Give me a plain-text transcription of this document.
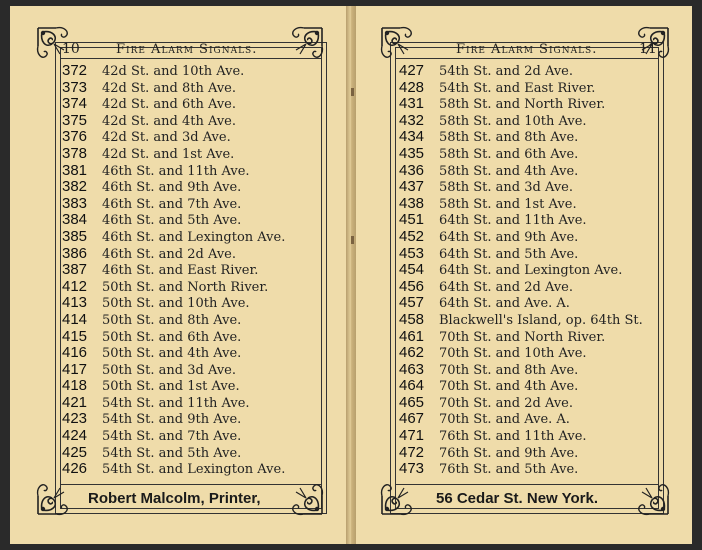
10	Fire Alarm Signals.
372 42d St. and 10th Ave.
373 42d St. and 8th Ave.
374 42d St. and 6th Ave.
375 42d St. and 4th Ave.
376 42d St. and 3d Ave.
378 42d St. and 1st Ave.
381 46th St. and 11th Ave.
382 46th St. and 9th Ave.
383 46th St. and 7th Ave.
384 46th St. and 5th Ave.
385 46th St. and Lexington Ave.
386 46th St. and 2d Ave.
387 46th St. and East River.
412 50th St. and North River.
413 50th St. and 10th Ave.
414 50th St. and 8th Ave.
415 50th St. and 6th Ave.
416 50th St. and 4th Ave.
417 50th St. and 3d Ave.
418 50th St. and 1st Ave.
421 54th St. and 11th Ave.
423 54th St. and 9th Ave.
424 54th St. and 7th Ave.
425 54th St. and 5th Ave.
426 54th St. and Lexington Ave.
Robert Malcolm, Printer,
Fire Alarm Signals.	11
427 54th St. and 2d Ave.
428 54th St. and East River.
431 58th St. and North River.
432 58th St. and 10th Ave.
434 58th St. and 8th Ave.
435 58th St. and 6th Ave.
436 58th St. and 4th Ave.
437 58th St. and 3d Ave.
438 58th St. and 1st Ave.
451 64th St. and 11th Ave.
452 64th St. and 9th Ave.
453 64th St. and 5th Ave.
454 64th St. and Lexington Ave.
456 64th St. and 2d Ave.
457 64th St. and Ave. A.
458 Blackwell's Island, op. 64th St.
461 70th St. and North River.
462 70th St. and 10th Ave.
463 70th St. and 8th Ave.
464 70th St. and 4th Ave.
465 70th St. and 2d Ave.
467 70th St. and Ave. A.
471 76th St. and 11th Ave.
472 76th St. and 9th Ave.
473 76th St. and 5th Ave.
56 Cedar St. New York.
